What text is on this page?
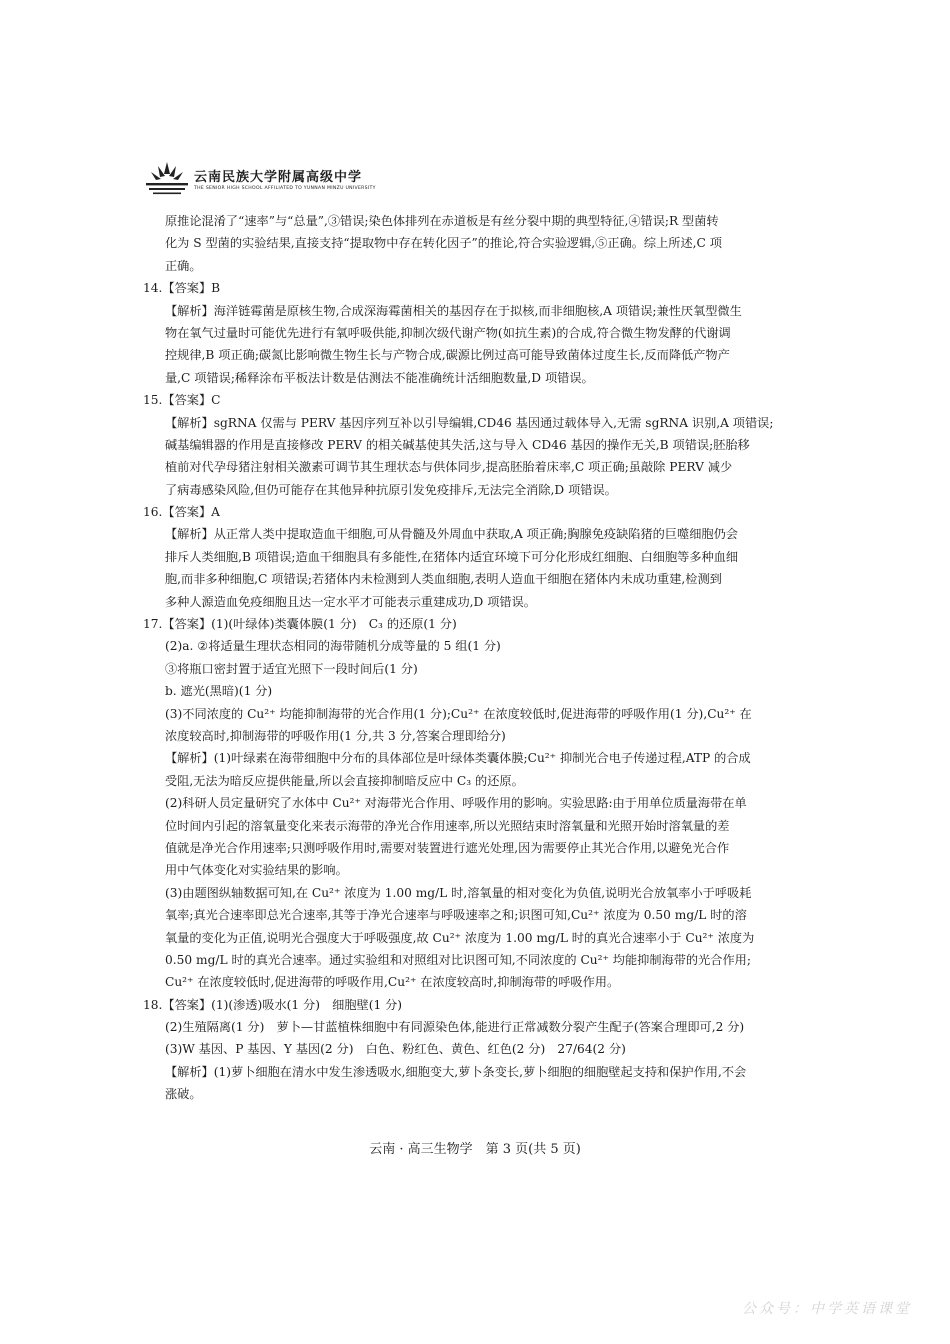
云南民族大学附属高级中学
THE SENIOR HIGH SCHOOL AFFILIATED TO YUNNAN MINZU UNIVERSITY
原推论混淆了“速率”与“总量”,③错误;染色体排列在赤道板是有丝分裂中期的典型特征,④错误;R 型菌转
化为 S 型菌的实验结果,直接支持“提取物中存在转化因子”的推论,符合实验逻辑,⑤正确。综上所述,C 项
正确。
14.【答案】B
【解析】海洋链霉菌是原核生物,合成深海霉菌相关的基因存在于拟核,而非细胞核,A 项错误;兼性厌氧型微生
物在氧气过量时可能优先进行有氧呼吸供能,抑制次级代谢产物(如抗生素)的合成,符合微生物发酵的代谢调
控规律,B 项正确;碳氮比影响微生物生长与产物合成,碳源比例过高可能导致菌体过度生长,反而降低产物产
量,C 项错误;稀释涂布平板法计数是估测法不能准确统计活细胞数量,D 项错误。
15.【答案】C
【解析】sgRNA 仅需与 PERV 基因序列互补以引导编辑,CD46 基因通过载体导入,无需 sgRNA 识别,A 项错误;
碱基编辑器的作用是直接修改 PERV 的相关碱基使其失活,这与导入 CD46 基因的操作无关,B 项错误;胚胎移
植前对代孕母猪注射相关激素可调节其生理状态与供体同步,提高胚胎着床率,C 项正确;虽敲除 PERV 减少
了病毒感染风险,但仍可能存在其他异种抗原引发免疫排斥,无法完全消除,D 项错误。
16.【答案】A
【解析】从正常人类中提取造血干细胞,可从骨髓及外周血中获取,A 项正确;胸腺免疫缺陷猪的巨噬细胞仍会
排斥人类细胞,B 项错误;造血干细胞具有多能性,在猪体内适宜环境下可分化形成红细胞、白细胞等多种血细
胞,而非多种细胞,C 项错误;若猪体内未检测到人类血细胞,表明人造血干细胞在猪体内未成功重建,检测到
多种人源造血免疫细胞且达一定水平才可能表示重建成功,D 项错误。
17.【答案】(1)(叶绿体)类囊体膜(1 分)　C₃ 的还原(1 分)
(2)a. ②将适量生理状态相同的海带随机分成等量的 5 组(1 分)
③将瓶口密封置于适宜光照下一段时间后(1 分)
b. 遮光(黑暗)(1 分)
(3)不同浓度的 Cu²⁺ 均能抑制海带的光合作用(1 分);Cu²⁺ 在浓度较低时,促进海带的呼吸作用(1 分),Cu²⁺ 在
浓度较高时,抑制海带的呼吸作用(1 分,共 3 分,答案合理即给分)
【解析】(1)叶绿素在海带细胞中分布的具体部位是叶绿体类囊体膜;Cu²⁺ 抑制光合电子传递过程,ATP 的合成
受阻,无法为暗反应提供能量,所以会直接抑制暗反应中 C₃ 的还原。
(2)科研人员定量研究了水体中 Cu²⁺ 对海带光合作用、呼吸作用的影响。实验思路:由于用单位质量海带在单
位时间内引起的溶氧量变化来表示海带的净光合作用速率,所以光照结束时溶氧量和光照开始时溶氧量的差
值就是净光合作用速率;只测呼吸作用时,需要对装置进行遮光处理,因为需要停止其光合作用,以避免光合作
用中气体变化对实验结果的影响。
(3)由题图纵轴数据可知,在 Cu²⁺ 浓度为 1.00 mg/L 时,溶氧量的相对变化为负值,说明光合放氧率小于呼吸耗
氧率;真光合速率即总光合速率,其等于净光合速率与呼吸速率之和;识图可知,Cu²⁺ 浓度为 0.50 mg/L 时的溶
氧量的变化为正值,说明光合强度大于呼吸强度,故 Cu²⁺ 浓度为 1.00 mg/L 时的真光合速率小于 Cu²⁺ 浓度为
0.50 mg/L 时的真光合速率。通过实验组和对照组对比识图可知,不同浓度的 Cu²⁺ 均能抑制海带的光合作用;
Cu²⁺ 在浓度较低时,促进海带的呼吸作用,Cu²⁺ 在浓度较高时,抑制海带的呼吸作用。
18.【答案】(1)(渗透)吸水(1 分)　细胞壁(1 分)
(2)生殖隔离(1 分)　萝卜—甘蓝植株细胞中有同源染色体,能进行正常减数分裂产生配子(答案合理即可,2 分)
(3)W 基因、P 基因、Y 基因(2 分)　白色、粉红色、黄色、红色(2 分)　27/64(2 分)
【解析】(1)萝卜细胞在清水中发生渗透吸水,细胞变大,萝卜条变长,萝卜细胞的细胞壁起支持和保护作用,不会
涨破。
云南 · 高三生物学　第 3 页(共 5 页)
公众号：中学英语课堂
